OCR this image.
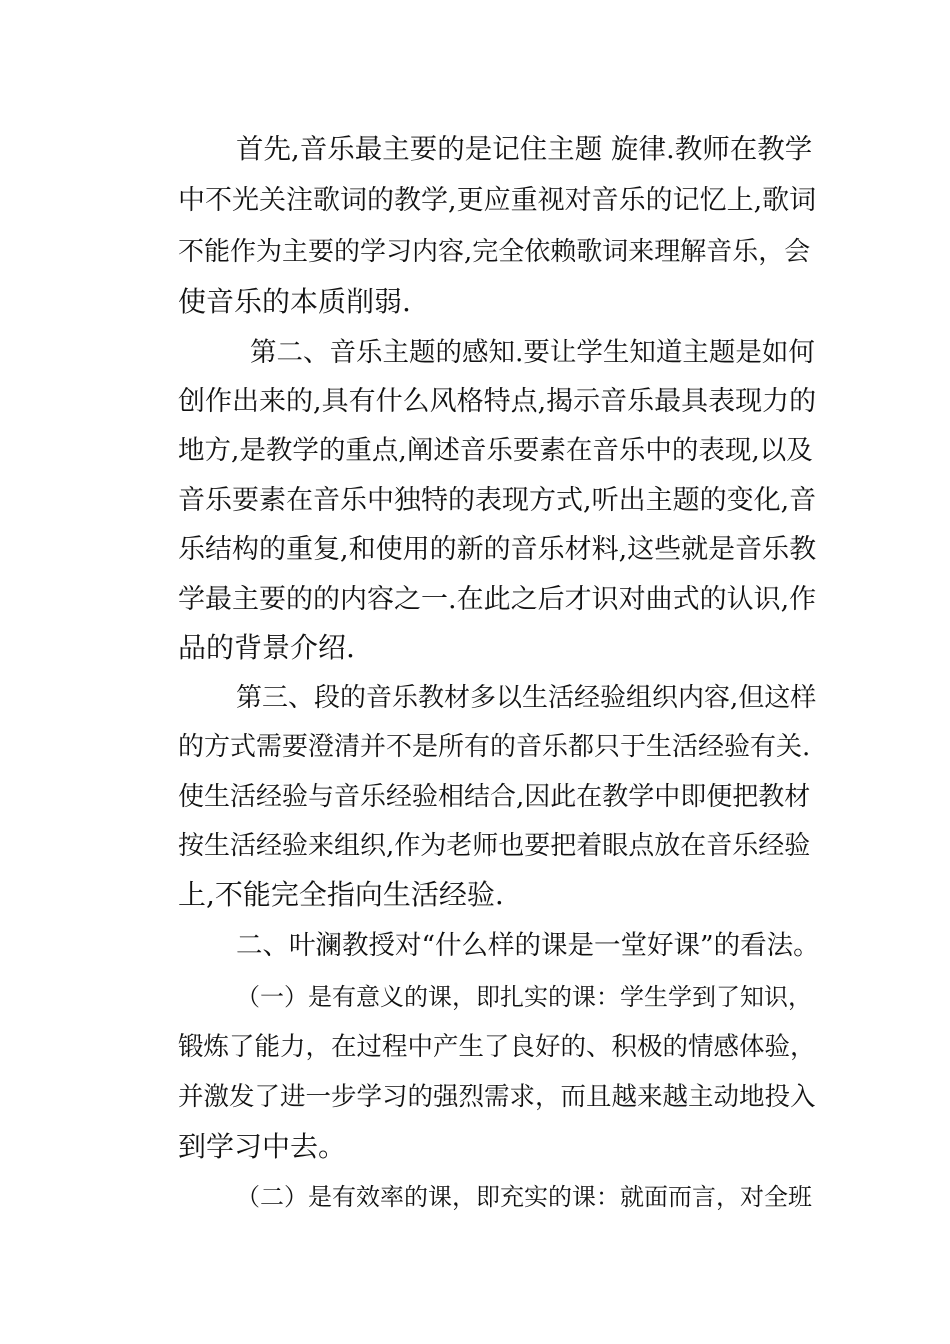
首先,音乐最主要的是记住主题 旋律.教师在教学
中不光关注歌词的教学,更应重视对音乐的记忆上,歌词
不能作为主要的学习内容,完全依赖歌词来理解音乐，会
使音乐的本质削弱.
第二、音乐主题的感知.要让学生知道主题是如何
创作出来的,具有什么风格特点,揭示音乐最具表现力的
地方,是教学的重点,阐述音乐要素在音乐中的表现,以及
音乐要素在音乐中独特的表现方式,听出主题的变化,音
乐结构的重复,和使用的新的音乐材料,这些就是音乐教
学最主要的的内容之一.在此之后才识对曲式的认识,作
品的背景介绍.
第三、段的音乐教材多以生活经验组织内容,但这样
的方式需要澄清并不是所有的音乐都只于生活经验有关.
使生活经验与音乐经验相结合,因此在教学中即便把教材
按生活经验来组织,作为老师也要把着眼点放在音乐经验
上,不能完全指向生活经验.
二、叶澜教授对“什么样的课是一堂好课”的看法。
（一）是有意义的课，即扎实的课：学生学到了知识，
锻炼了能力，在过程中产生了良好的、积极的情感体验，
并激发了进一步学习的强烈需求，而且越来越主动地投入
到学习中去。
（二）是有效率的课，即充实的课：就面而言，对全班
